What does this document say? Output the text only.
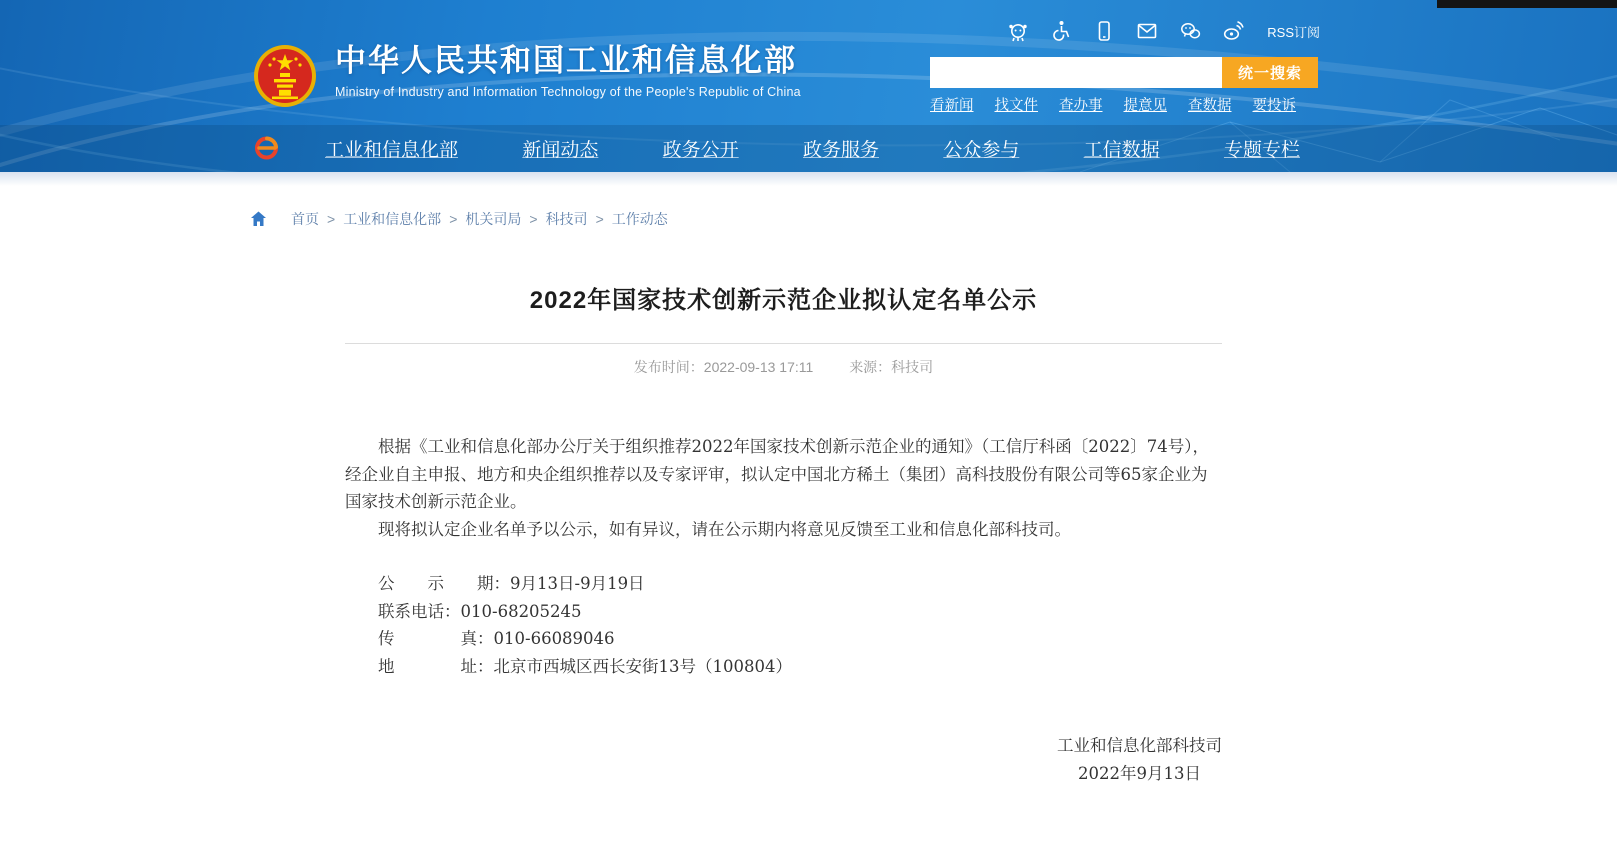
中华人民共和国工业和信息化部
Ministry of Industry and Information Technology of the People's Republic of China
RSS订阅
统一搜索
看新闻 找文件 查办事 提意见 查数据 要投诉
工业和信息化部	新闻动态	政务公开	政务服务	公众参与	工信数据	专题专栏
首页 > 工业和信息化部 > 机关司局 > 科技司 > 工作动态
2022年国家技术创新示范企业拟认定名单公示
发布时间：2022-09-13 17:11	来源：科技司

根据《工业和信息化部办公厅关于组织推荐2022年国家技术创新示范企业的通知》（工信厅科函〔2022〕74号），经企业自主申报、地方和央企组织推荐以及专家评审，拟认定中国北方稀土（集团）高科技股份有限公司等65家企业为国家技术创新示范企业。

现将拟认定企业名单予以公示，如有异议，请在公示期内将意见反馈至工业和信息化部科技司。

公　　示　　期：9月13日-9月19日

联系电话：010-68205245

传　　　　真：010-66089046

地　　　　址：北京市西城区西长安街13号（100804）

工业和信息化部科技司

2022年9月13日
